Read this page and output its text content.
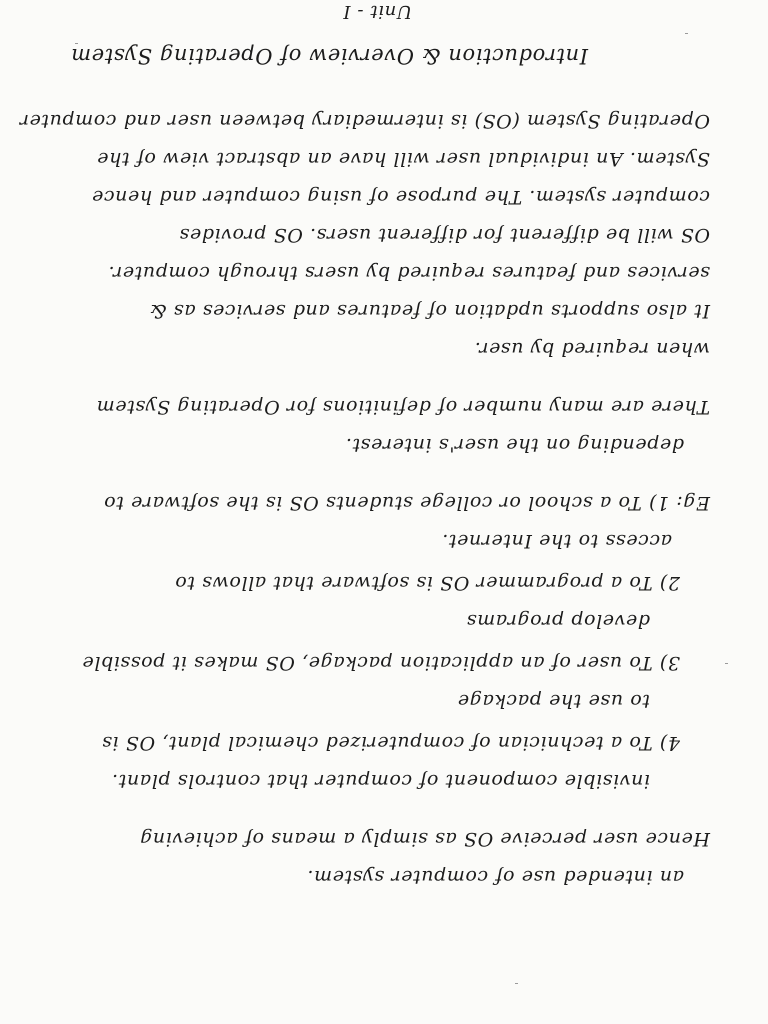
Unit - I
Introduction & Overview of Operating System
Operating System (OS) is intermediary between user and computer
System. An individual user will have an abstract view of the
computer system. The purpose of using computer and hence
OS will be different for different users. OS provides
services and features required by users through computer.
It also supports updation of features and services as &
when required by user.
There are many number of definitions for Operating System
depending on the user's interest.
Eg: 1) To a school or college students OS is the software to
access to the Internet.
2) To a programmer OS is software that allows to
develop programs
3) To user of an application package, OS makes it possible
to use the package
4) To a technician of computerized chemical plant, OS is
invisible component of computer that controls plant.
Hence user perceive OS as simply a means of achieving
an intended use of computer system.
